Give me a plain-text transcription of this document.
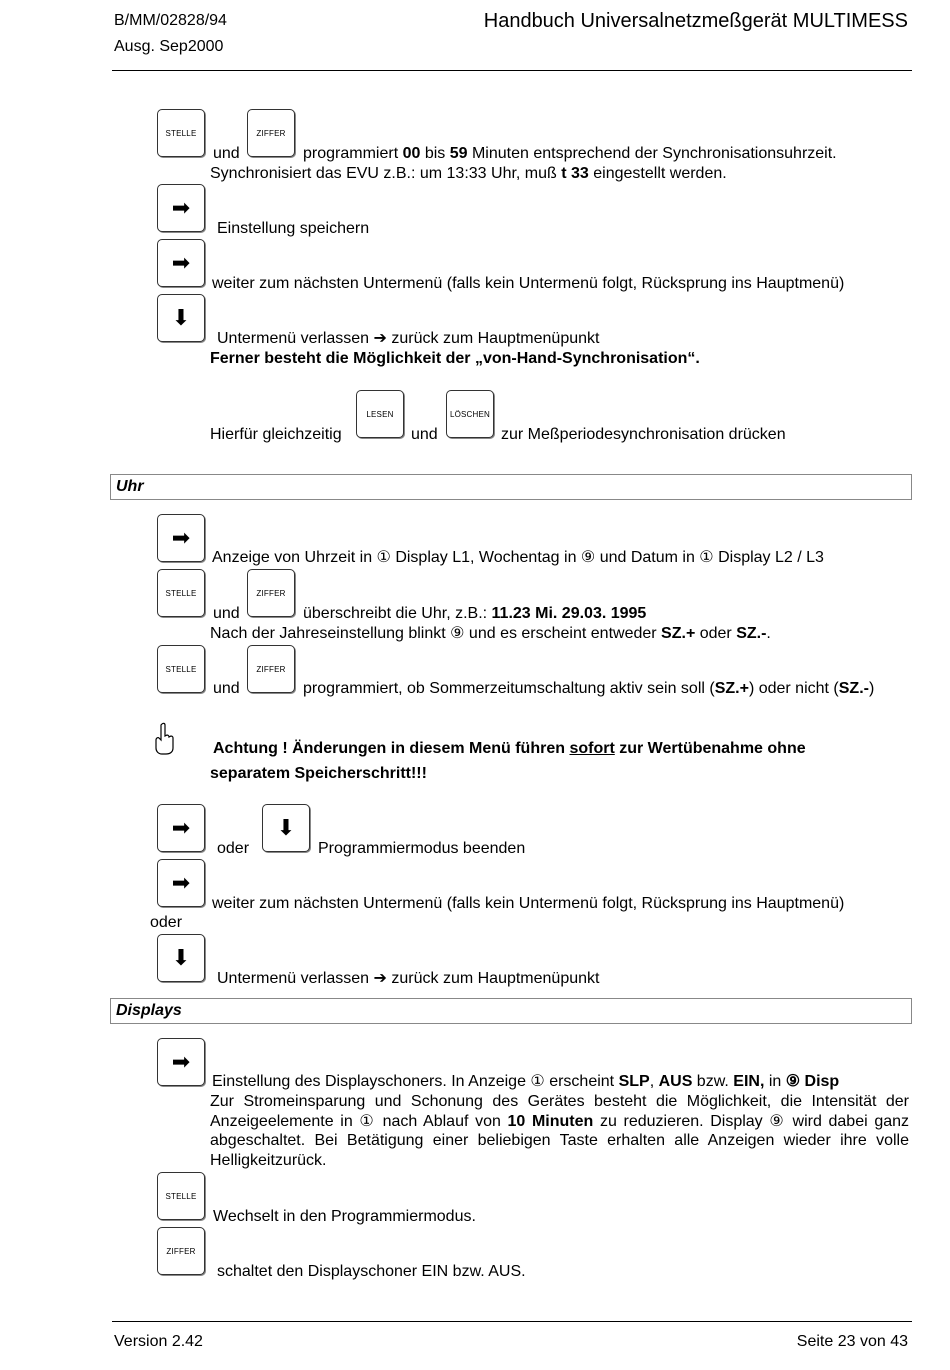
B/MM/02828/94
Ausg. Sep2000
Handbuch Universalnetzmeßgerät MULTIMESS
STELLE
und
ZIFFER
programmiert 00 bis 59 Minuten entsprechend der Synchronisationsuhrzeit.
Synchronisiert das EVU z.B.: um 13:33 Uhr, muß t 33 eingestellt werden.
➡
Einstellung speichern
➡
weiter zum nächsten Untermenü (falls kein Untermenü folgt, Rücksprung ins Hauptmenü)
⬇
Untermenü verlassen ➔ zurück zum Hauptmenüpunkt
Ferner besteht die Möglichkeit der „von-Hand-Synchronisation“.
Hierfür gleichzeitig
LESEN
und
LÖSCHEN
zur Meßperiodesynchronisation drücken
Uhr
➡
Anzeige von Uhrzeit in ① Display L1, Wochentag in ⑨ und Datum in ① Display L2 / L3
STELLE
und
ZIFFER
überschreibt die Uhr, z.B.: 11.23 Mi. 29.03. 1995
Nach der Jahreseinstellung blinkt ⑨ und es erscheint entweder SZ.+ oder SZ.-.
STELLE
und
ZIFFER
programmiert, ob Sommerzeitumschaltung aktiv sein soll (SZ.+) oder nicht (SZ.-)
Achtung ! Änderungen in diesem Menü führen sofort zur Wertübenahme ohne
separatem Speicherschritt!!!
➡
oder
⬇
Programmiermodus beenden
➡
weiter zum nächsten Untermenü (falls kein Untermenü folgt, Rücksprung ins Hauptmenü)
oder
⬇
Untermenü verlassen ➔ zurück zum Hauptmenüpunkt
Displays
➡
Einstellung des Displayschoners. In Anzeige ① erscheint SLP, AUS bzw. EIN, in ⑨ Disp
Zur Stromeinsparung und Schonung des Gerätes besteht die Möglichkeit, die Intensität der Anzeigeelemente in ① nach Ablauf von 10 Minuten zu reduzieren. Display ⑨ wird dabei ganz abgeschaltet. Bei Betätigung einer beliebigen Taste erhalten alle Anzeigen wieder ihre volle Helligkeitzurück.
STELLE
Wechselt in den Programmiermodus.
ZIFFER
schaltet den Displayschoner EIN bzw. AUS.
Version 2.42	Seite 23 von 43
